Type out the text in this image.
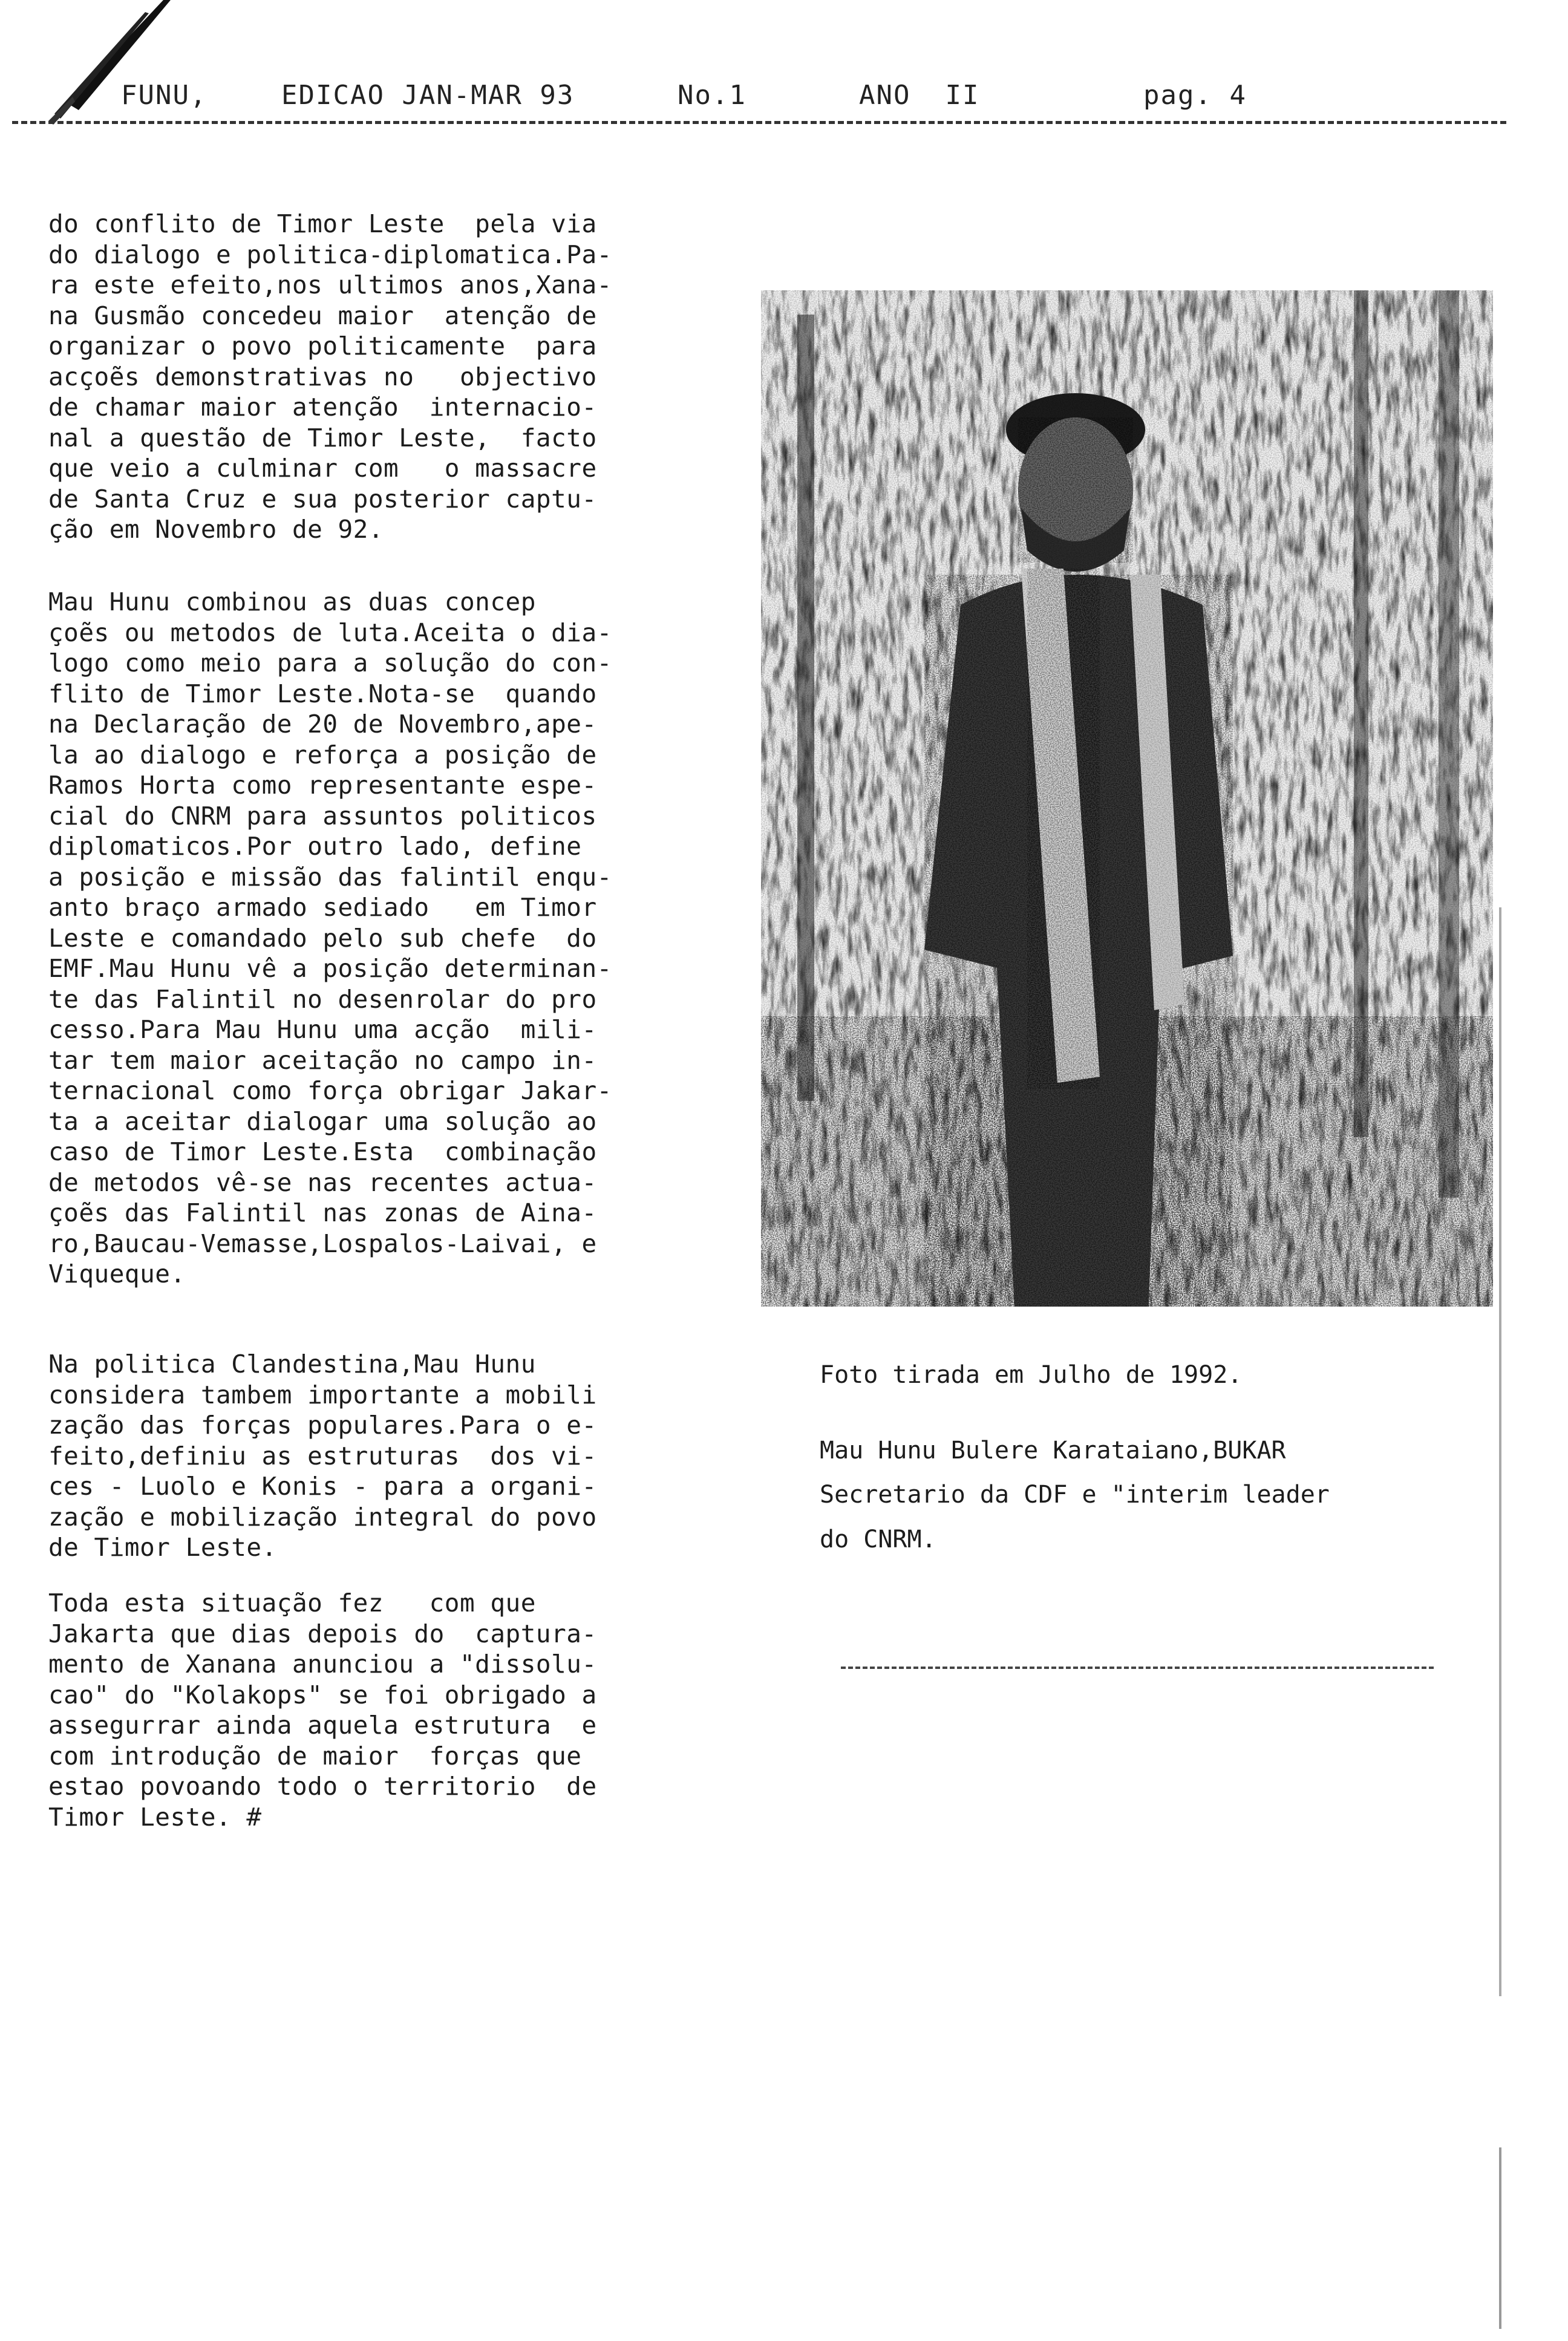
FUNU,	EDICAO JAN-MAR 93	No.1	ANO  II	pag. 4
do conflito de Timor Leste  pela via
do dialogo e politica-diplomatica.Pa-
ra este efeito,nos ultimos anos,Xana-
na Gusmão concedeu maior  atenção de
organizar o povo politicamente  para
acçoẽs demonstrativas no   objectivo
de chamar maior atenção  internacio-
nal a questão de Timor Leste,  facto
que veio a culminar com   o massacre
de Santa Cruz e sua posterior captu-
ção em Novembro de 92.
Mau Hunu combinou as duas concep
çoẽs ou metodos de luta.Aceita o dia-
logo como meio para a solução do con-
flito de Timor Leste.Nota-se  quando
na Declaração de 20 de Novembro,ape-
la ao dialogo e reforça a posição de
Ramos Horta como representante espe-
cial do CNRM para assuntos politicos
diplomaticos.Por outro lado, define
a posição e missão das falintil enqu-
anto braço armado sediado   em Timor
Leste e comandado pelo sub chefe  do
EMF.Mau Hunu vê a posição determinan-
te das Falintil no desenrolar do pro
cesso.Para Mau Hunu uma acção  mili-
tar tem maior aceitação no campo in-
ternacional como força obrigar Jakar-
ta a aceitar dialogar uma solução ao
caso de Timor Leste.Esta  combinação
de metodos vê-se nas recentes actua-
çoẽs das Falintil nas zonas de Aina-
ro,Baucau-Vemasse,Lospalos-Laivai, e
Viqueque.
Na politica Clandestina,Mau Hunu
considera tambem importante a mobili
zação das forças populares.Para o e-
feito,definiu as estruturas  dos vi-
ces - Luolo e Konis - para a organi-
zação e mobilização integral do povo
de Timor Leste.
Toda esta situação fez   com que
Jakarta que dias depois do  captura-
mento de Xanana anunciou a "dissolu-
cao" do "Kolakops" se foi obrigado a
assegurrar ainda aquela estrutura  e
com introdução de maior  forças que
estao povoando todo o territorio  de
Timor Leste. #
Foto tirada em Julho de 1992.
Mau Hunu Bulere Karataiano,BUKAR
Secretario da CDF e "interim leader
do CNRM.
